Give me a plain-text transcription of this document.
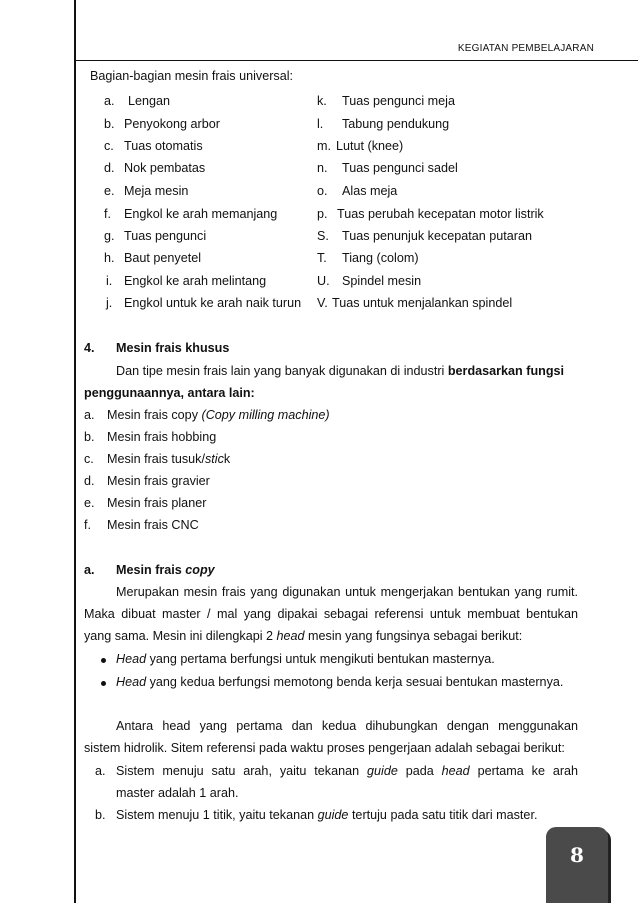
KEGIATAN PEMBELAJARAN
Bagian-bagian mesin frais universal:
a. Lengan
b. Penyokong arbor
c. Tuas otomatis
d. Nok pembatas
e. Meja mesin
f. Engkol ke arah memanjang
g. Tuas pengunci
h. Baut penyetel
i. Engkol ke arah melintang
j. Engkol untuk ke arah naik turun
k. Tuas pengunci meja
l. Tabung pendukung
m. Lutut (knee)
n. Tuas pengunci sadel
o. Alas meja
p. Tuas perubah kecepatan motor listrik
S. Tuas penunjuk kecepatan putaran
T. Tiang (colom)
U. Spindel mesin
V. Tuas untuk menjalankan spindel
4. Mesin frais khusus
Dan tipe mesin frais lain yang banyak digunakan di industri berdasarkan fungsi
penggunaannya, antara lain:
a. Mesin frais copy (Copy milling machine)
b. Mesin frais hobbing
c. Mesin frais tusuk/stick
d. Mesin frais gravier
e. Mesin frais planer
f. Mesin frais CNC
a. Mesin frais copy
Merupakan mesin frais yang digunakan untuk mengerjakan bentukan yang rumit.
Maka dibuat master / mal yang dipakai sebagai referensi untuk membuat bentukan
yang sama. Mesin ini dilengkapi 2 head mesin yang fungsinya sebagai berikut:
Head yang pertama berfungsi untuk mengikuti bentukan masternya.
Head yang kedua berfungsi memotong benda kerja sesuai bentukan masternya.
Antara head yang pertama dan kedua dihubungkan dengan menggunakan
sistem hidrolik. Sitem referensi pada waktu proses pengerjaan adalah sebagai berikut:
a. Sistem menuju satu arah, yaitu tekanan guide pada head pertama ke arah
master adalah 1 arah.
b. Sistem menuju 1 titik, yaitu tekanan guide tertuju pada satu titik dari master.
8
